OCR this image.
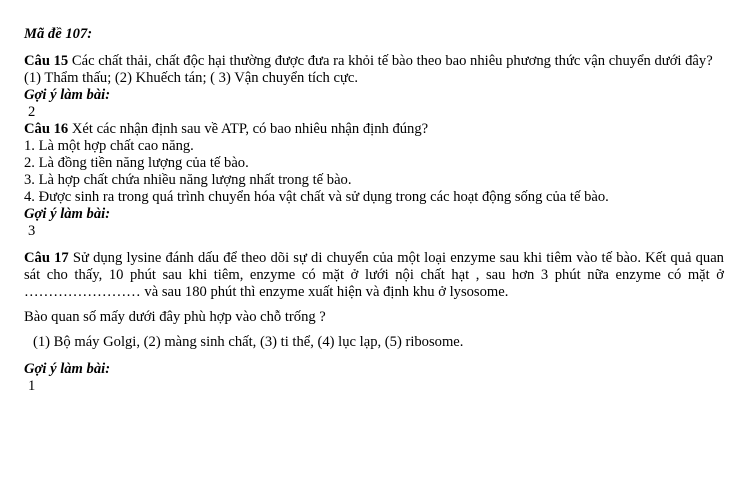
Mã đề 107:

Câu 15 Các chất thải, chất độc hại thường được đưa ra khỏi tế bào theo bao nhiêu phương thức vận chuyển dưới đây? (1) Thẩm thấu; (2) Khuếch tán; ( 3) Vận chuyển tích cực.

Gợi ý làm bài:

2

Câu 16 Xét các nhận định sau về ATP, có bao nhiêu nhận định đúng?

1. Là một hợp chất cao năng.

2. Là đồng tiền năng lượng của tế bào.

3. Là hợp chất chứa nhiều năng lượng nhất trong tế bào.

4. Được sinh ra trong quá trình chuyển hóa vật chất và sử dụng trong các hoạt động sống của tế bào.

Gợi ý làm bài:

3

Câu 17 Sử dụng lysine đánh dấu để theo dõi sự di chuyển của một loại enzyme sau khi tiêm vào tế bào. Kết quả quan sát cho thấy, 10 phút sau khi tiêm, enzyme có mặt ở lưới nội chất hạt , sau hơn 3 phút nữa enzyme có mặt ở …………………… và sau 180 phút thì enzyme xuất hiện và định khu ở lysosome.

Bào quan số mấy dưới đây phù hợp vào chỗ trống ?

(1) Bộ máy Golgi, (2) màng sinh chất, (3) ti thể, (4) lục lạp, (5) ribosome.

Gợi ý làm bài:

1
